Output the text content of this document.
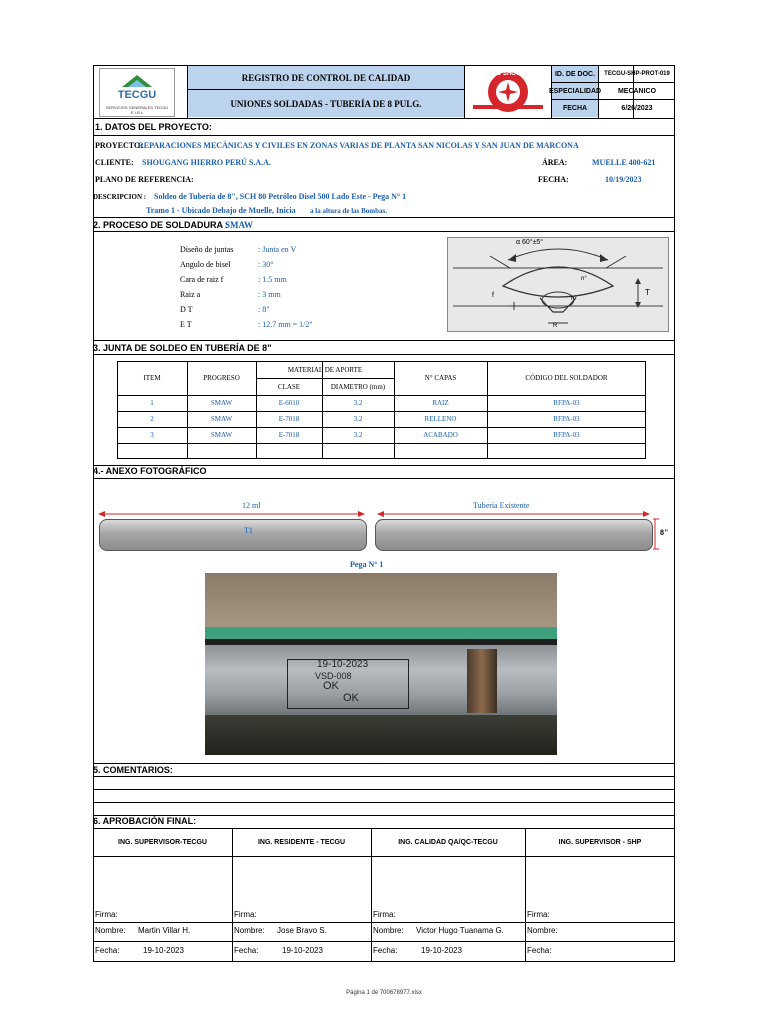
TECGU
SERVICIOS GENERALES TECGU E.I.R.L
REGISTRO DE CONTROL DE CALIDAD
UNIONES SOLDADAS - TUBERÍA DE 8 PULG.
HIERRO SHOUGANG	ID. DE DOC.	TECGU-SHP-PROT-019
ESPECIALIDAD	MECANICO
FECHA	6/26/2023
1. DATOS DEL PROYECTO:
PROYECTO:
REPARACIONES MECÁNICAS Y CIVILES EN ZONAS VARIAS DE PLANTA SAN NICOLAS Y SAN JUAN DE MARCONA
CLIENTE: SHOUGANG HIERRO PERÚ S.A.A.	ÁREA:	MUELLE 400-621
PLANO DE REFERENCIA:	FECHA:	10/19/2023
DESCRIPCION : Soldeo de Tubería de 8", SCH 80 Petróleo Disel 500 Lado Este - Pega N° 1
Tramo 1 - Ubicado Debajo de Muelle, Inicia a la altura de las Bombas.
2. PROCESO DE SOLDADURA :
SMAW
Diseño de juntas	: Junta en V
Angulo de bisel	: 30°
Cara de raiz f	: 1.5 mm
Raiz a	: 3 mm
D T	: 8"
E T	: 12.7 mm = 1/2"
α 60°±5°
f	T
R
n°
h°
3. JUNTA DE SOLDEO EN TUBERÍA DE 8"
ITEM	PROGRESO
MATERIAL DE APORTE
CLASE	DIAMETRO (mm)
N° CAPAS	CÓDIGO DEL SOLDADOR
1	SMAW	E-6010	3.2	RAIZ	RFPA-03
2	SMAW	E-7018	3.2	RELLENO	RFPA-03
3	SMAW	E-7018	3.2	ACABADO	RFPA-03
4.- ANEXO FOTOGRÁFICO
12 ml	Tubería Existente
T1	8"
Pega N° 1
19-10-2023
VSD-008
OK
OK
5. COMENTARIOS:
6. APROBACIÓN FINAL:
ING. SUPERVISOR-TECGU
Firma:
Nombre: Martin Villar H.
Fecha:	19-10-2023
ING. RESIDENTE - TECGU
Firma:
Nombre: Jose Bravo S.
Fecha:	19-10-2023
ING. CALIDAD QA/QC-TECGU
Firma:
Nombre: Victor Hugo Tuanama G.
Fecha:	19-10-2023
ING. SUPERVISOR - SHP
Firma:
Nombre:
Fecha:
Página 1 de 700678977.xlsx
